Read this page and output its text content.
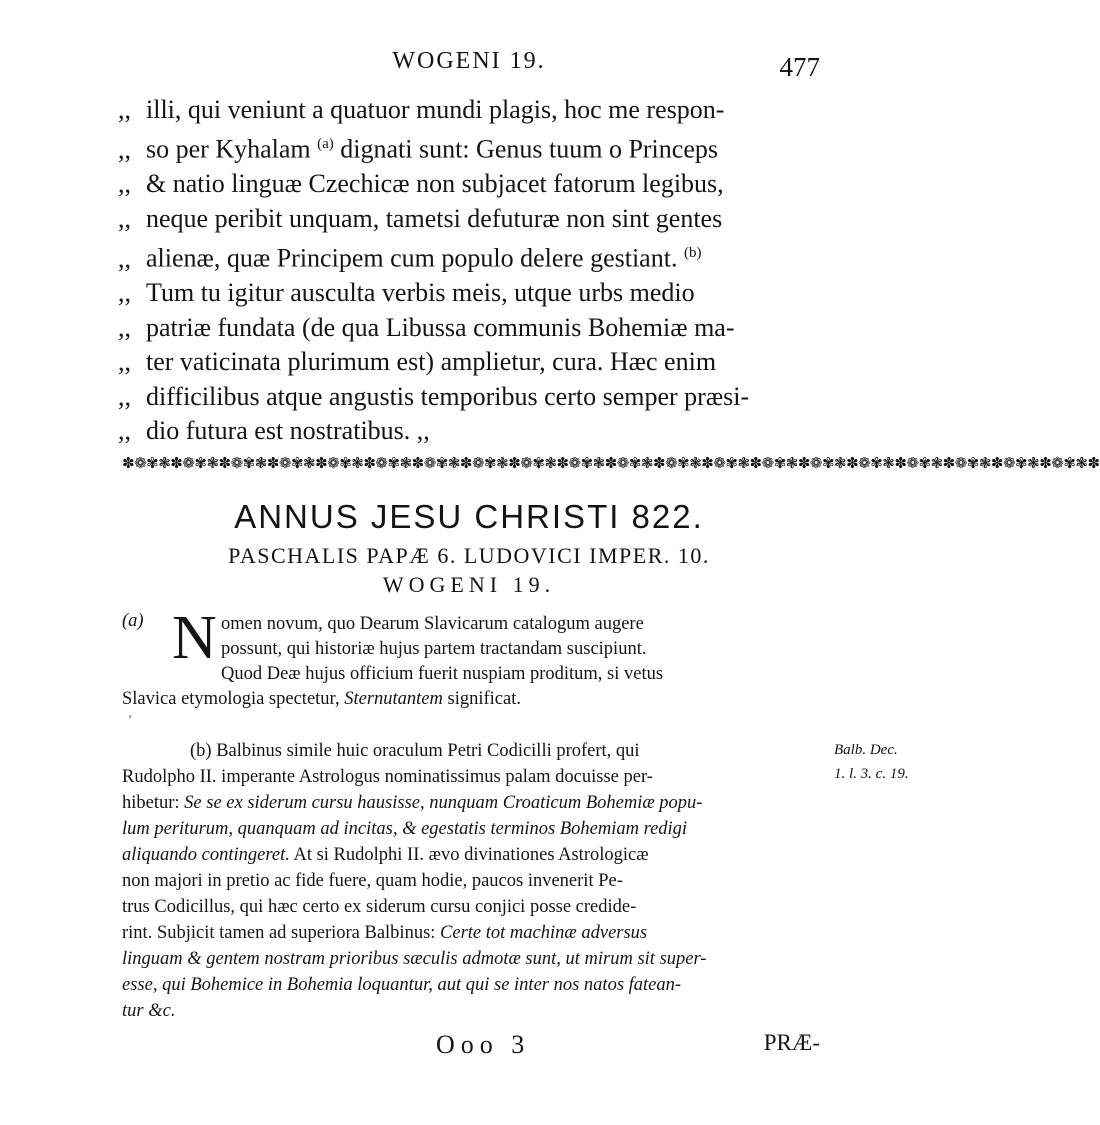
WOGENI 19.	477
,, illi, qui veniunt a quatuor mundi plagis, hoc me respon-
,, so per Kyhalam $^{(a)}$ dignati sunt: Genus tuum o Princeps
,, & natio linguæ Czechicæ non subjacet fatorum legibus,
,, neque peribit unquam, tametsi defuturæ non sint gentes
,, alienæ, quæ Principem cum populo delere gestiant. $^{(b)}$
,, Tum tu igitur ausculta verbis meis, utque urbs medio
,, patriæ fundata (de qua Libussa communis Bohemiæ ma-
,, ter vaticinata plurimum est) amplietur, cura. Hæc enim
,, difficilibus atque angustis temporibus certo semper præsi-
,, dio futura est nostratibus. ,,
✽❁✾❃✽❁✾❃✽❁✾❃✽❁✾❃✽❁✾❃✽❁✾❃✽❁✾❃✽❁✾❃✽❁✾❃✽❁✾❃✽❁✾❃✽❁✾❃✽❁✾❃✽❁✾❃✽❁✾❃✽❁✾❃✽❁✾❃✽❁✾❃✽❁✾❃✽❁✾❃✽
ANNUS JESU CHRISTI 822.
PASCHALIS PAPÆ 6. LUDOVICI IMPER. 10.
WOGENI 19.
(a) N omen novum, quo Dearum Slavicarum catalogum augere
possunt, qui historiæ hujus partem tractandam suscipiunt.
Quod Deæ hujus officium fuerit nuspiam proditum, si vetus
Slavica etymologia spectetur, Sternutantem significat.
'
(b) Balbinus simile huic oraculum Petri Codicilli profert, qui
Rudolpho II. imperante Astrologus nominatissimus palam docuisse per-
hibetur: Se se ex siderum cursu hausisse, nunquam Croaticum Bohemiæ popu-
lum periturum, quanquam ad incitas, & egestatis terminos Bohemiam redigi
aliquando contingeret. At si Rudolphi II. ævo divinationes Astrologicæ
non majori in pretio ac fide fuere, quam hodie, paucos invenerit Pe-
trus Codicillus, qui hæc certo ex siderum cursu conjici posse credide-
rint. Subjicit tamen ad superiora Balbinus: Certe tot machinæ adversus
linguam & gentem nostram prioribus sæculis admotæ sunt, ut mirum sit super-
esse, qui Bohemice in Bohemia loquantur, aut qui se inter nos natos fatean-
tur &c.
Balb. Dec.
1. l. 3. c. 19.
Ooo 3	PRÆ-
